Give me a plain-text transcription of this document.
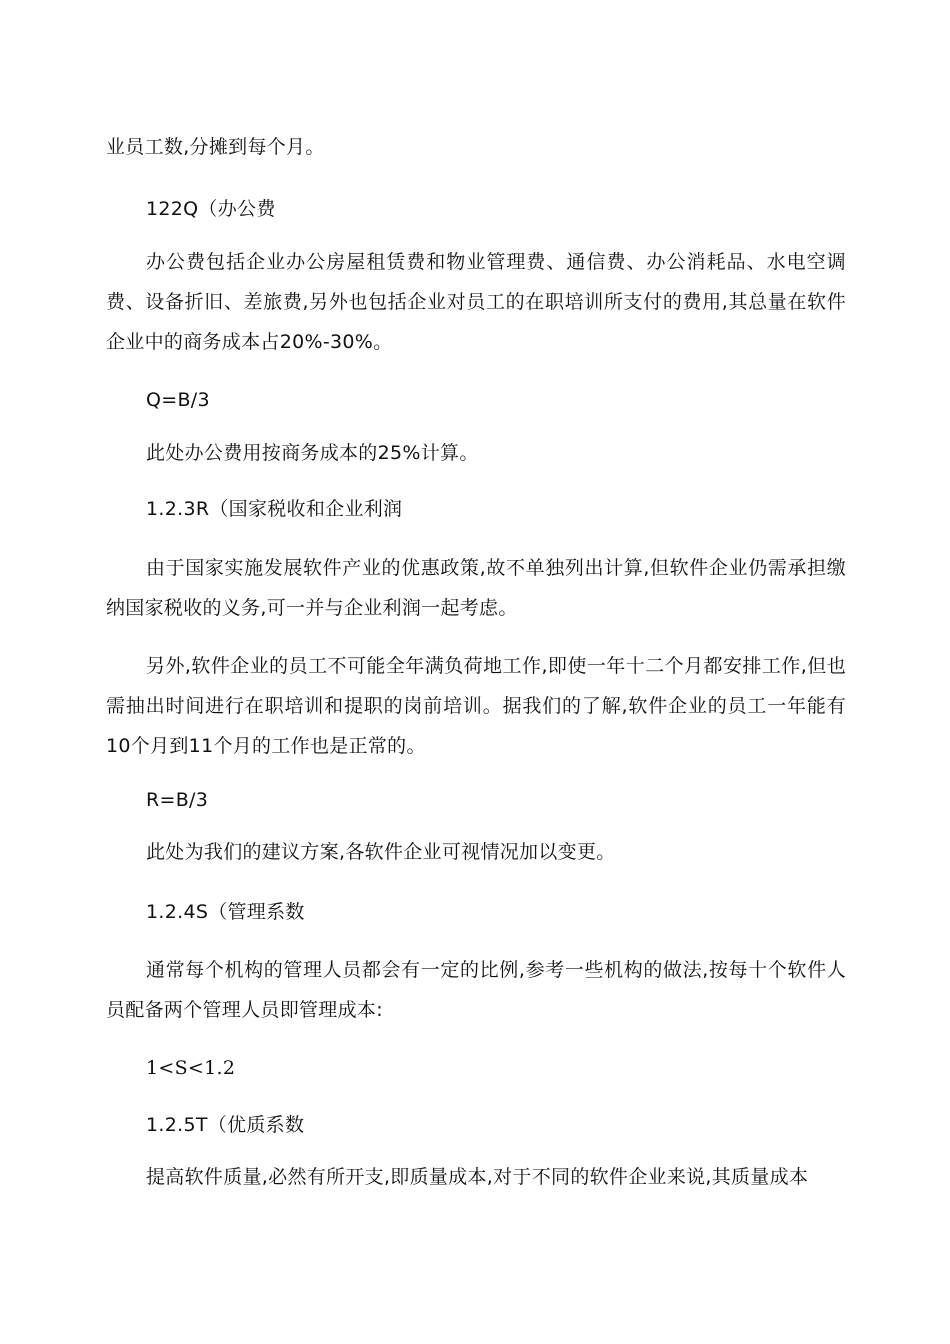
业员工数,分摊到每个月。
122Q（办公费
办公费包括企业办公房屋租赁费和物业管理费、通信费、办公消耗品、水电空调费、设备折旧、差旅费,另外也包括企业对员工的在职培训所支付的费用,其总量在软件企业中的商务成本占20%-30%。
Q=B/3
此处办公费用按商务成本的25%计算。
1.2.3R（国家税收和企业利润
由于国家实施发展软件产业的优惠政策,故不单独列出计算,但软件企业仍需承担缴纳国家税收的义务,可一并与企业利润一起考虑。
另外,软件企业的员工不可能全年满负荷地工作,即使一年十二个月都安排工作,但也需抽出时间进行在职培训和提职的岗前培训。据我们的了解,软件企业的员工一年能有10个月到11个月的工作也是正常的。
R=B/3
此处为我们的建议方案,各软件企业可视情况加以变更。
1.2.4S（管理系数
通常每个机构的管理人员都会有一定的比例,参考一些机构的做法,按每十个软件人员配备两个管理人员即管理成本:
1<S<1.2
1.2.5T（优质系数
提高软件质量,必然有所开支,即质量成本,对于不同的软件企业来说,其质量成本
